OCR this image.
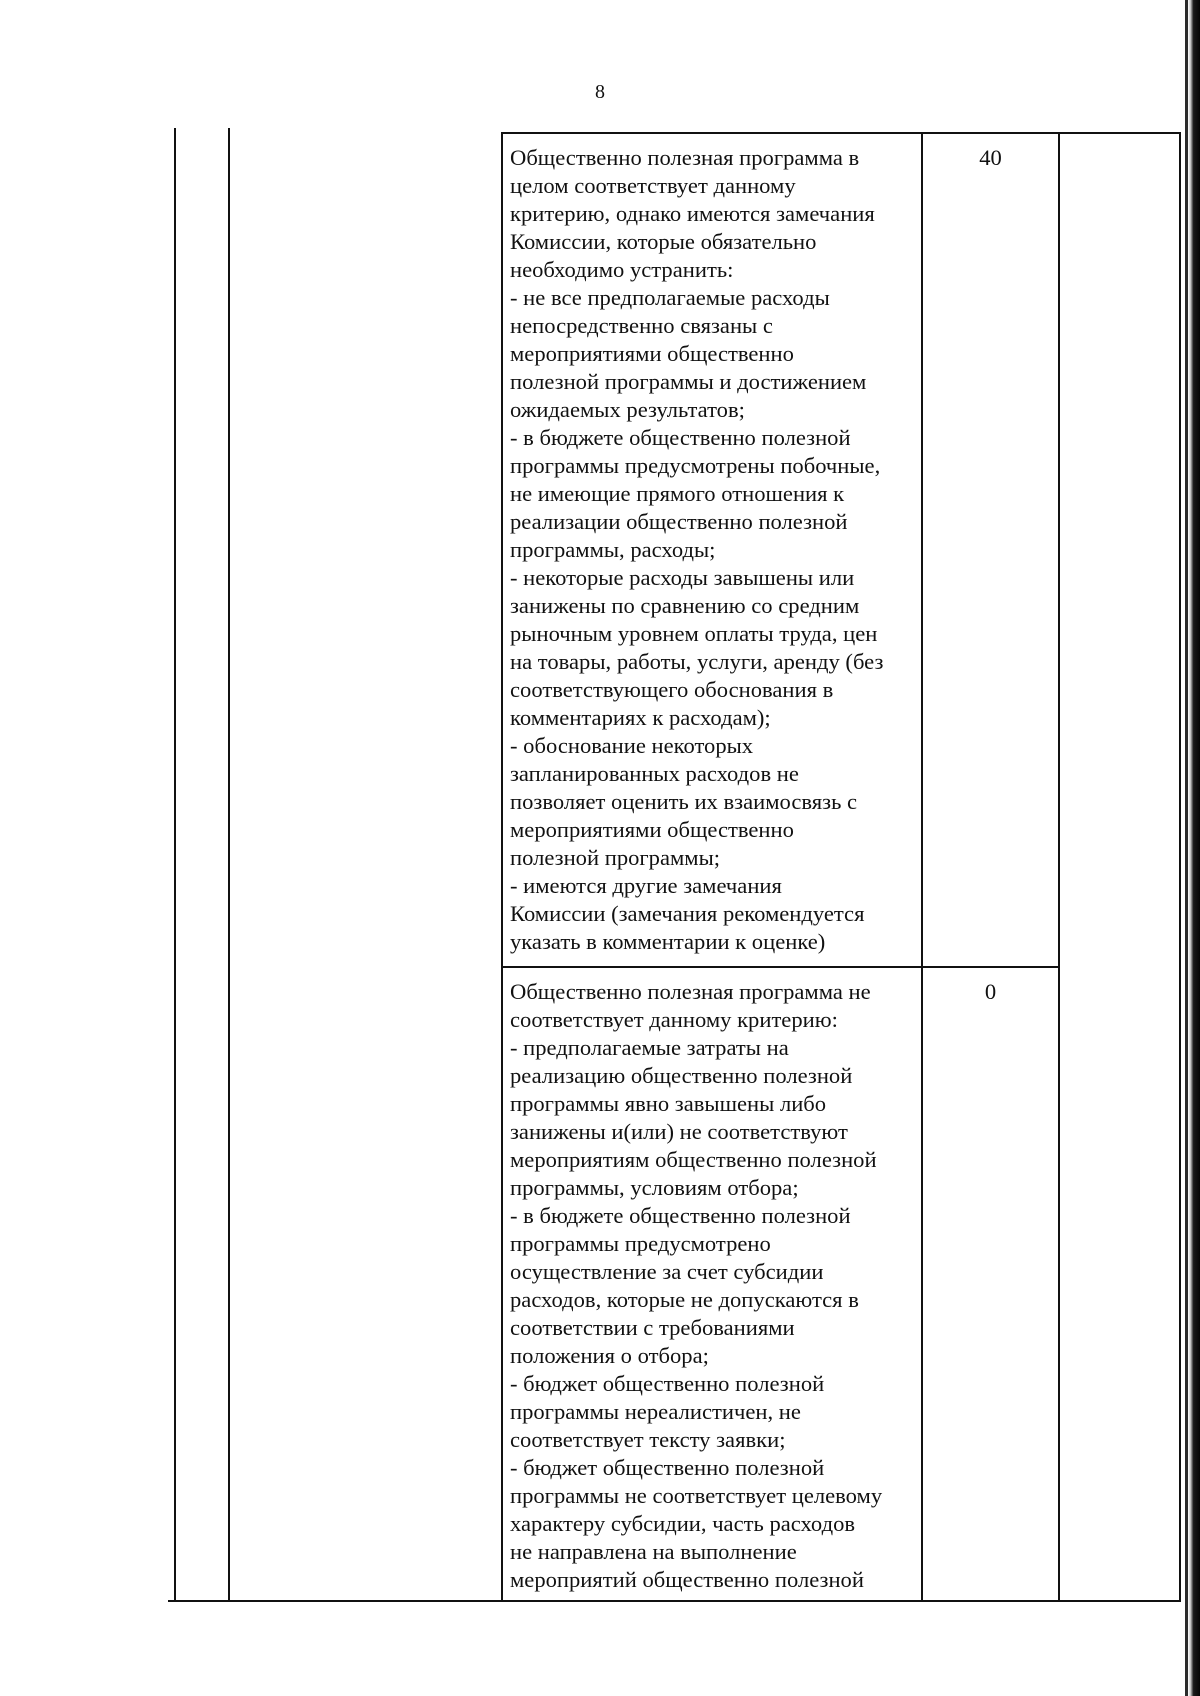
8
Общественно полезная программа в
целом соответствует данному
критерию, однако имеются замечания
Комиссии, которые обязательно
необходимо устранить:
- не все предполагаемые расходы
непосредственно связаны с
мероприятиями общественно
полезной программы и достижением
ожидаемых результатов;
- в бюджете общественно полезной
программы предусмотрены побочные,
не имеющие прямого отношения к
реализации общественно полезной
программы, расходы;
- некоторые расходы завышены или
занижены по сравнению со средним
рыночным уровнем оплаты труда, цен
на товары, работы, услуги, аренду (без
соответствующего обоснования в
комментариях к расходам);
- обоснование некоторых
запланированных расходов не
позволяет оценить их взаимосвязь с
мероприятиями общественно
полезной программы;
- имеются другие замечания
Комиссии (замечания рекомендуется
указать в комментарии к оценке)
40
Общественно полезная программа не
соответствует данному критерию:
- предполагаемые затраты на
реализацию общественно полезной
программы явно завышены либо
занижены и(или) не соответствуют
мероприятиям общественно полезной
программы, условиям отбора;
- в бюджете общественно полезной
программы предусмотрено
осуществление за счет субсидии
расходов, которые не допускаются в
соответствии с требованиями
положения о отбора;
- бюджет общественно полезной
программы нереалистичен, не
соответствует тексту заявки;
- бюджет общественно полезной
программы не соответствует целевому
характеру субсидии, часть расходов
не направлена на выполнение
мероприятий общественно полезной
0
